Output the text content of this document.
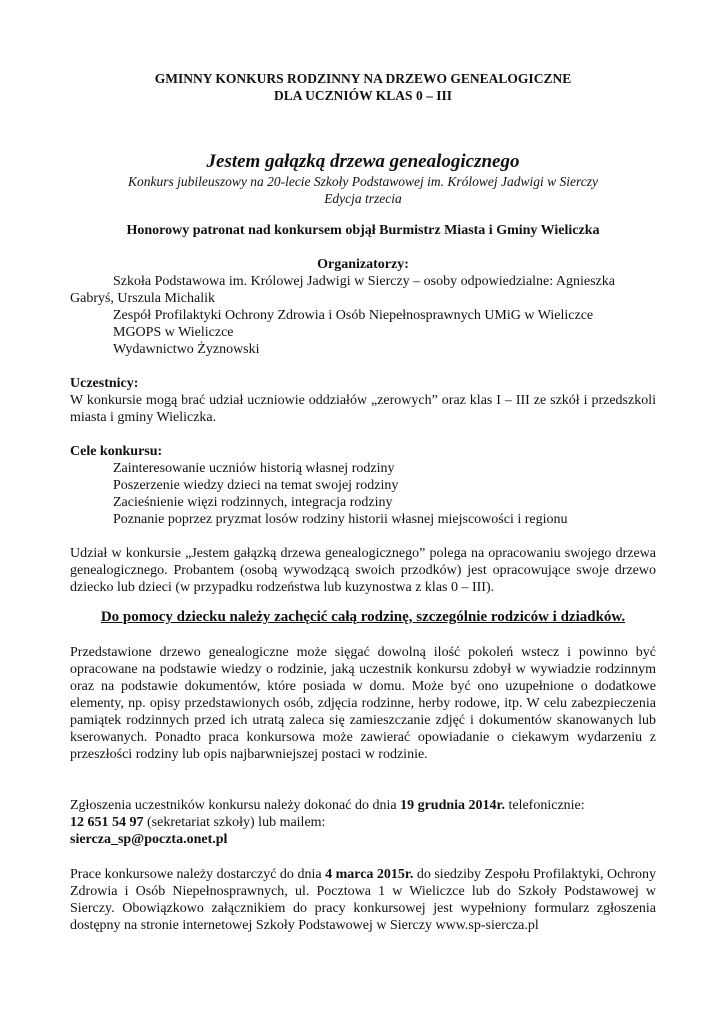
GMINNY KONKURS RODZINNY NA DRZEWO GENEALOGICZNE
DLA UCZNIÓW KLAS 0 – III
Jestem gałązką drzewa genealogicznego
Konkurs jubileuszowy na 20-lecie Szkoły Podstawowej im. Królowej Jadwigi w Sierczy
Edycja trzecia
Honorowy patronat nad konkursem objął Burmistrz Miasta i Gminy Wieliczka
Organizatorzy:
Szkoła Podstawowa im. Królowej Jadwigi w Sierczy – osoby odpowiedzialne: Agnieszka Gabryś, Urszula Michalik
Zespół Profilaktyki Ochrony Zdrowia i Osób Niepełnosprawnych UMiG w Wieliczce
MGOPS w Wieliczce
Wydawnictwo Żyznowski
Uczestnicy:

W konkursie mogą brać udział uczniowie oddziałów „zerowych” oraz klas I – III ze szkół i przedszkoli miasta i gminy Wieliczka.

Cele konkursu:
Zainteresowanie uczniów historią własnej rodziny
Poszerzenie wiedzy dzieci na temat swojej rodziny
Zacieśnienie więzi rodzinnych, integracja rodziny
Poznanie poprzez pryzmat losów rodziny historii własnej miejscowości i regionu

Udział w konkursie „Jestem gałązką drzewa genealogicznego” polega na opracowaniu swojego drzewa genealogicznego. Probantem (osobą wywodzącą swoich przodków) jest opracowujące swoje drzewo dziecko lub dzieci (w przypadku rodzeństwa lub kuzynostwa z klas 0 – III).

Do pomocy dziecku należy zachęcić całą rodzinę, szczególnie rodziców i dziadków.

Przedstawione drzewo genealogiczne może sięgać dowolną ilość pokoleń wstecz i powinno być opracowane na podstawie wiedzy o rodzinie, jaką uczestnik konkursu zdobył w wywiadzie rodzinnym oraz na podstawie dokumentów, które posiada w domu. Może być ono uzupełnione o dodatkowe elementy, np. opisy przedstawionych osób, zdjęcia rodzinne, herby rodowe, itp. W celu zabezpieczenia pamiątek rodzinnych przed ich utratą zaleca się zamieszczanie zdjęć i dokumentów skanowanych lub kserowanych. Ponadto praca konkursowa może zawierać opowiadanie o ciekawym wydarzeniu z przeszłości rodziny lub opis najbarwniejszej postaci w rodzinie.

Zgłoszenia uczestników konkursu należy dokonać do dnia 19 grudnia 2014r. telefonicznie:
12 651 54 97 (sekretariat szkoły) lub mailem:
siercza_sp@poczta.onet.pl

Prace konkursowe należy dostarczyć do dnia 4 marca 2015r. do siedziby Zespołu Profilaktyki, Ochrony Zdrowia i Osób Niepełnosprawnych, ul. Pocztowa 1 w Wieliczce lub do Szkoły Podstawowej w Sierczy. Obowiązkowo załącznikiem do pracy konkursowej jest wypełniony formularz zgłoszenia dostępny na stronie internetowej Szkoły Podstawowej w Sierczy www.sp-siercza.pl
